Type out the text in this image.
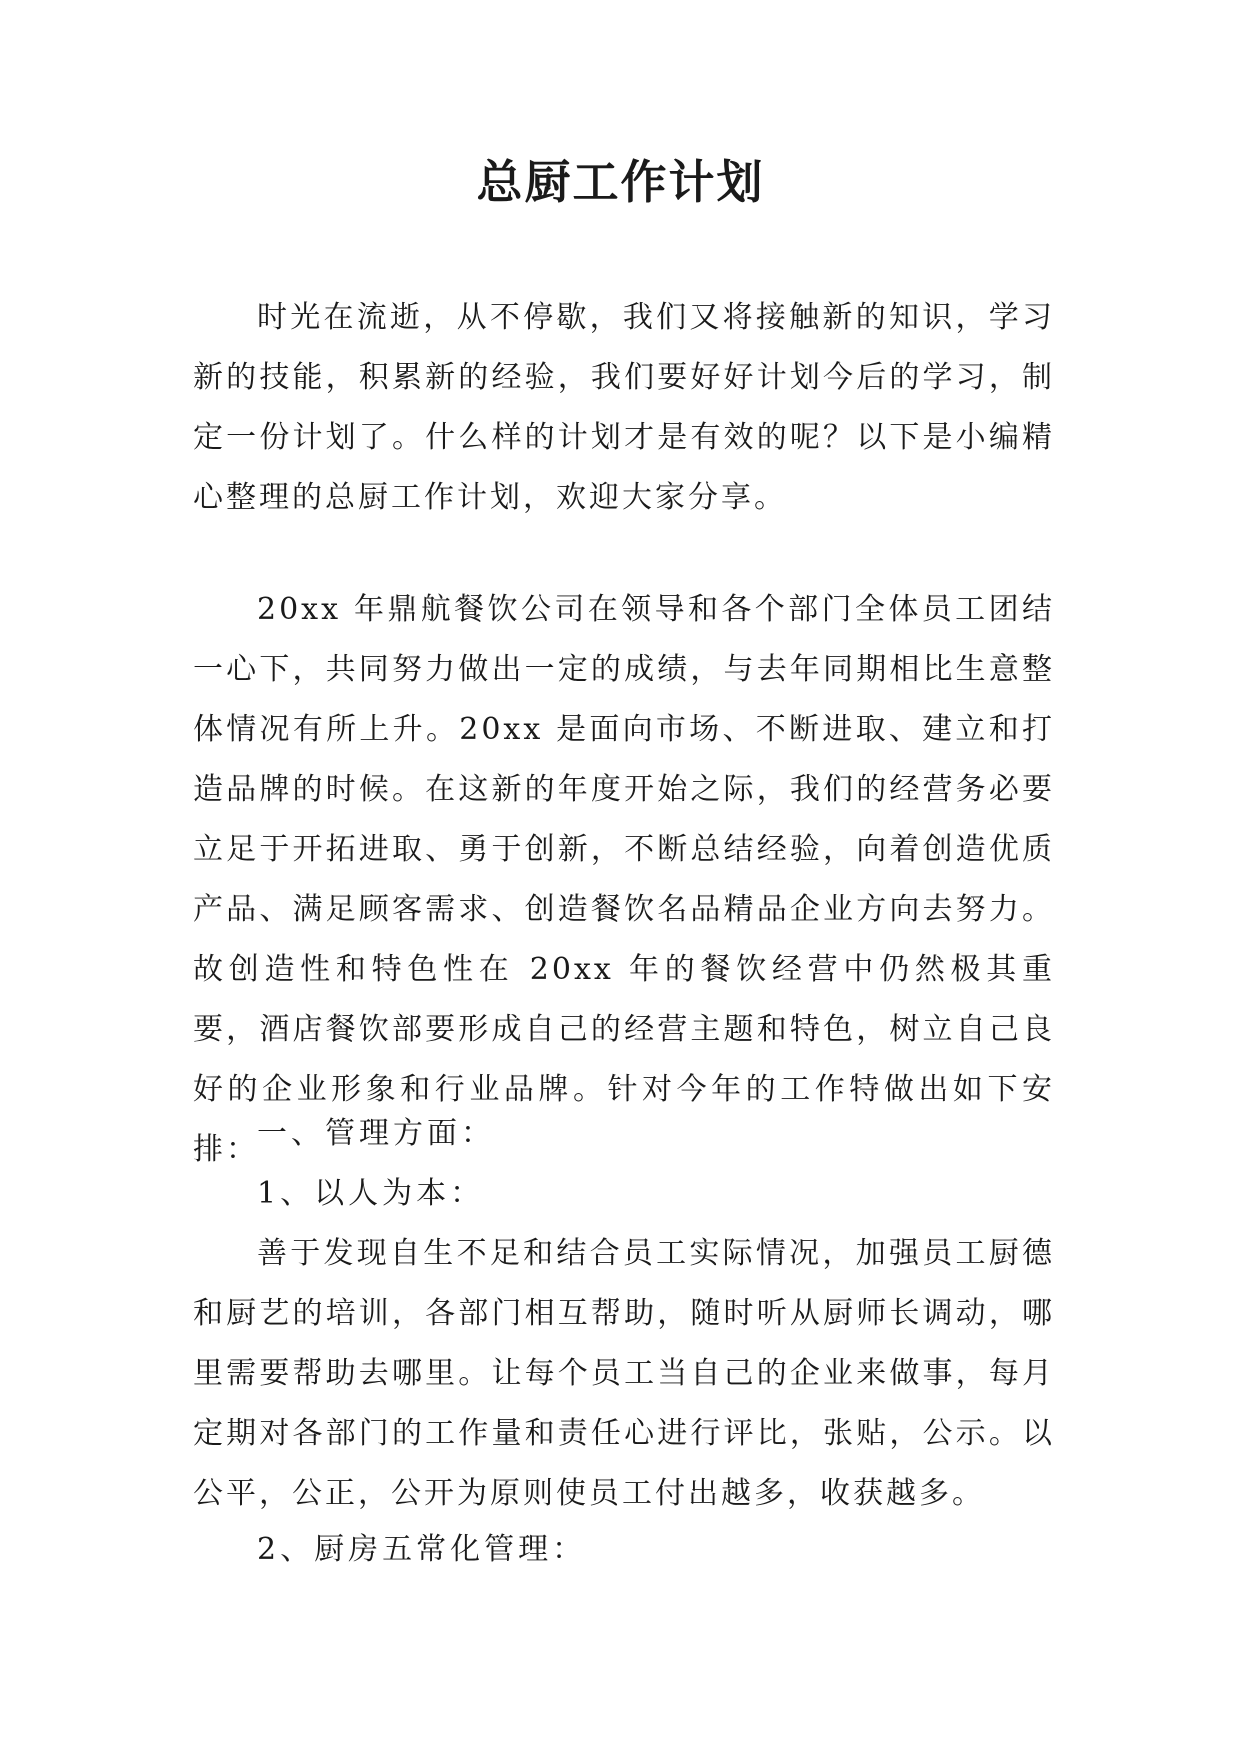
总厨工作计划

时光在流逝，从不停歇，我们又将接触新的知识，学习新的技能，积累新的经验，我们要好好计划今后的学习，制定一份计划了。什么样的计划才是有效的呢？以下是小编精心整理的总厨工作计划，欢迎大家分享。

20xx 年鼎航餐饮公司在领导和各个部门全体员工团结一心下，共同努力做出一定的成绩，与去年同期相比生意整体情况有所上升。20xx 是面向市场、不断进取、建立和打造品牌的时候。在这新的年度开始之际，我们的经营务必要立足于开拓进取、勇于创新，不断总结经验，向着创造优质产品、满足顾客需求、创造餐饮名品精品企业方向去努力。故创造性和特色性在 20xx 年的餐饮经营中仍然极其重要，酒店餐饮部要形成自己的经营主题和特色，树立自己良好的企业形象和行业品牌。针对今年的工作特做出如下安排：

一、管理方面：

1、以人为本：

善于发现自生不足和结合员工实际情况，加强员工厨德和厨艺的培训，各部门相互帮助，随时听从厨师长调动，哪里需要帮助去哪里。让每个员工当自己的企业来做事，每月定期对各部门的工作量和责任心进行评比，张贴，公示。以公平，公正，公开为原则使员工付出越多，收获越多。

2、厨房五常化管理：
